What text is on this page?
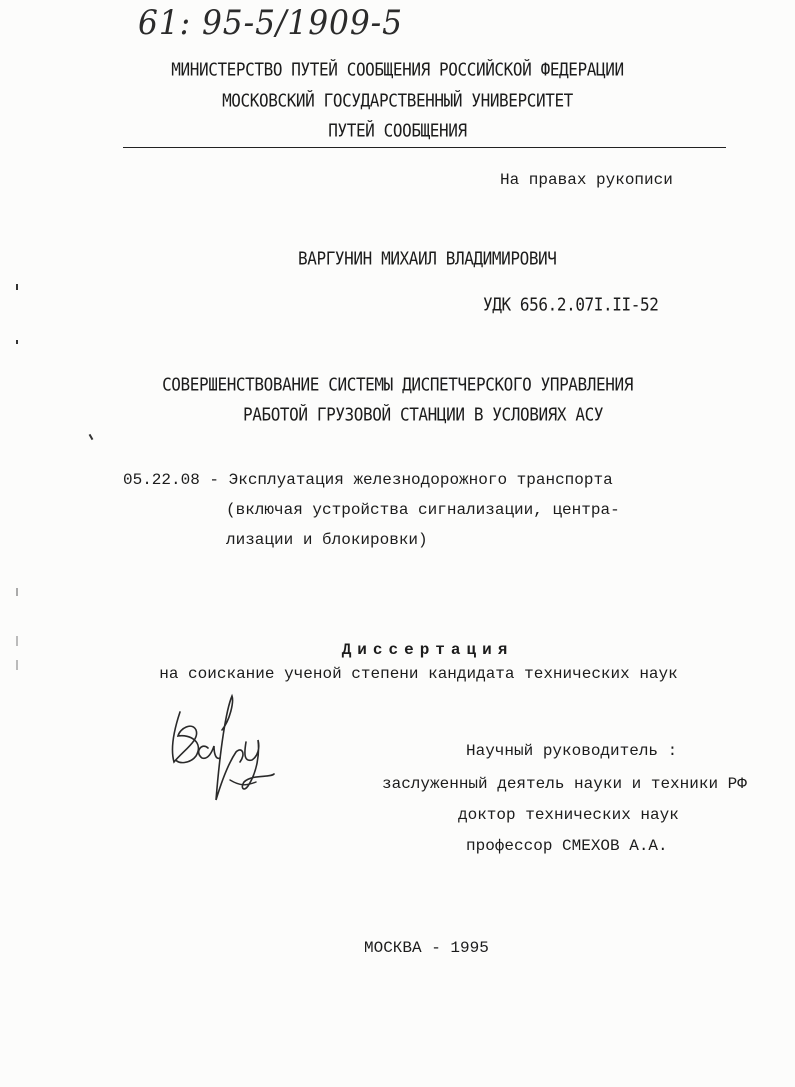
61: 95-5/1909-5
МИНИСТЕРСТВО ПУТЕЙ СООБЩЕНИЯ РОССИЙСКОЙ ФЕДЕРАЦИИ
МОСКОВСКИЙ ГОСУДАРСТВЕННЫЙ УНИВЕРСИТЕТ
ПУТЕЙ СООБЩЕНИЯ
На правах рукописи
ВАРГУНИН МИХАИЛ ВЛАДИМИРОВИЧ
УДК 656.2.07I.II-52
СОВЕРШЕНСТВОВАНИЕ СИСТЕМЫ ДИСПЕТЧЕРСКОГО УПРАВЛЕНИЯ
РАБОТОЙ ГРУЗОВОЙ СТАНЦИИ В УСЛОВИЯХ АСУ
05.22.08 - Эксплуатация железнодорожного транспорта
(включая устройства сигнализации, центра-
лизации и блокировки)
Диссертация
на соискание ученой степени кандидата технических наук
Научный руководитель :
заслуженный деятель науки и техники РФ
доктор технических наук
профессор СМЕХОВ А.А.
МОСКВА - 1995
